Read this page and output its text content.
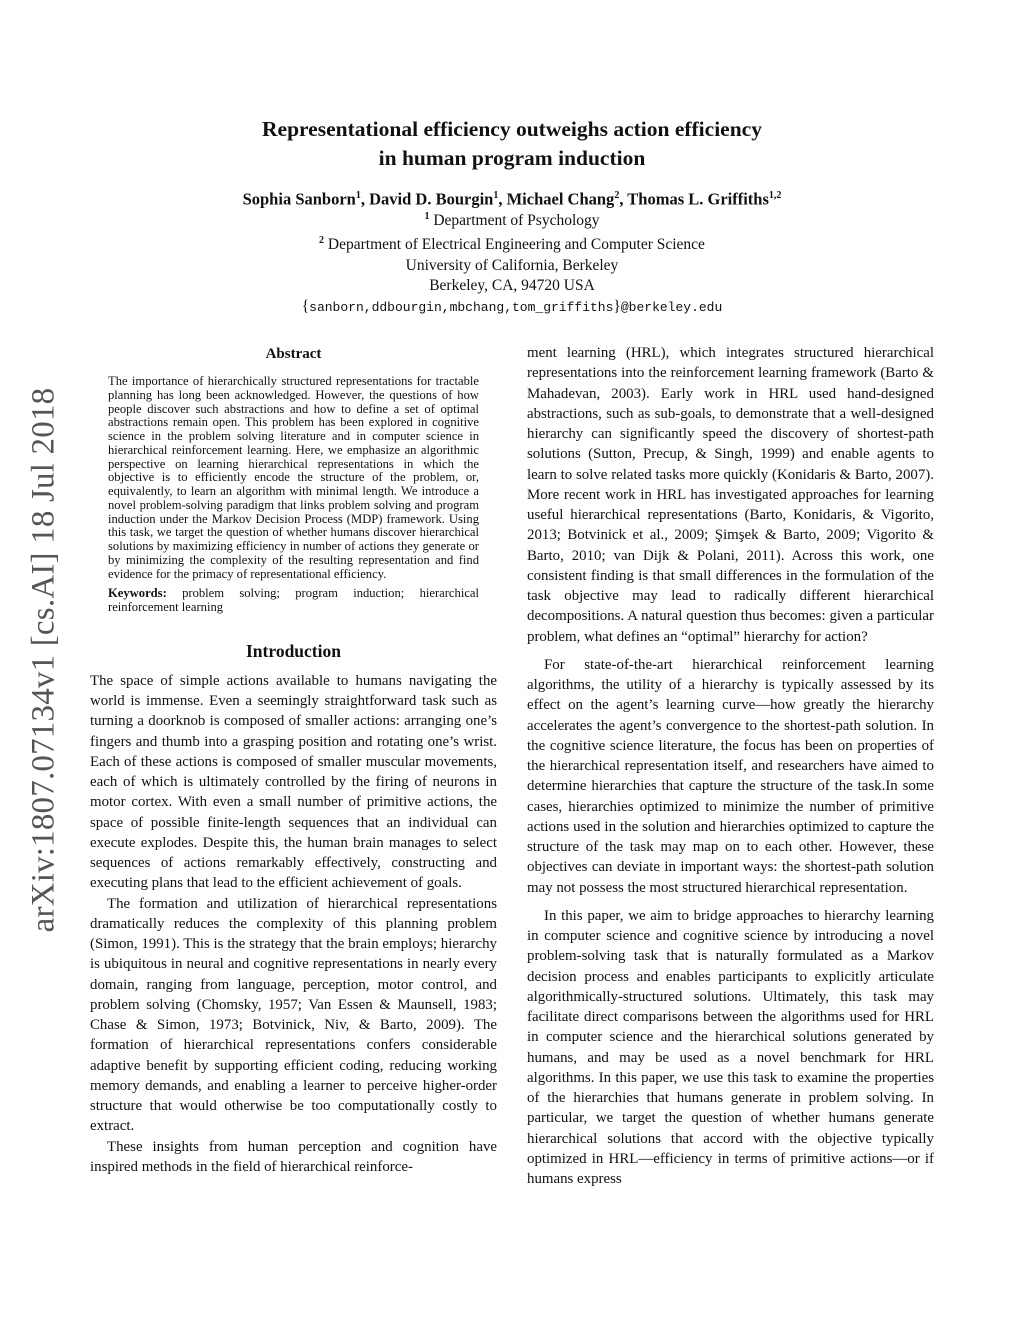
arXiv:1807.07134v1 [cs.AI] 18 Jul 2018
Representational efficiency outweighs action efficiency
in human program induction
Sophia Sanborn$^1$, David D. Bourgin$^1$, Michael Chang$^2$, Thomas L. Griffiths$^{1,2}$
$^1$ Department of Psychology
$^2$ Department of Electrical Engineering and Computer Science
University of California, Berkeley
Berkeley, CA, 94720 USA
{sanborn,ddbourgin,mbchang,tom_griffiths}@berkeley.edu
Abstract

The importance of hierarchically structured representations for tractable planning has long been acknowledged. However, the questions of how people discover such abstractions and how to define a set of optimal abstractions remain open. This problem has been explored in cognitive science in the problem solving literature and in computer science in hierarchical reinforcement learning. Here, we emphasize an algorithmic perspective on learning hierarchical representations in which the objective is to efficiently encode the structure of the problem, or, equivalently, to learn an algorithm with minimal length. We introduce a novel problem-solving paradigm that links problem solving and program induction under the Markov Decision Process (MDP) framework. Using this task, we target the question of whether humans discover hierarchical solutions by maximizing efficiency in number of actions they generate or by minimizing the complexity of the resulting representation and find evidence for the primacy of representational efficiency.

Keywords: problem solving; program induction; hierarchical reinforcement learning

Introduction

The space of simple actions available to humans navigating the world is immense. Even a seemingly straightforward task such as turning a doorknob is composed of smaller actions: arranging one’s fingers and thumb into a grasping position and rotating one’s wrist. Each of these actions is composed of smaller muscular movements, each of which is ultimately controlled by the firing of neurons in motor cortex. With even a small number of primitive actions, the space of possible finite-length sequences that an individual can execute explodes. Despite this, the human brain manages to select sequences of actions remarkably effectively, constructing and executing plans that lead to the efficient achievement of goals.

The formation and utilization of hierarchical representations dramatically reduces the complexity of this planning problem (Simon, 1991). This is the strategy that the brain employs; hierarchy is ubiquitous in neural and cognitive representations in nearly every domain, ranging from language, perception, motor control, and problem solving (Chomsky, 1957; Van Essen & Maunsell, 1983; Chase & Simon, 1973; Botvinick, Niv, & Barto, 2009). The formation of hierarchical representations confers considerable adaptive benefit by supporting efficient coding, reducing working memory demands, and enabling a learner to perceive higher-order structure that would otherwise be too computationally costly to extract.

These insights from human perception and cognition have inspired methods in the field of hierarchical reinforce-

ment learning (HRL), which integrates structured hierarchical representations into the reinforcement learning framework (Barto & Mahadevan, 2003). Early work in HRL used hand-designed abstractions, such as sub-goals, to demonstrate that a well-designed hierarchy can significantly speed the discovery of shortest-path solutions (Sutton, Precup, & Singh, 1999) and enable agents to learn to solve related tasks more quickly (Konidaris & Barto, 2007). More recent work in HRL has investigated approaches for learning useful hierarchical representations (Barto, Konidaris, & Vigorito, 2013; Botvinick et al., 2009; Şimşek & Barto, 2009; Vigorito & Barto, 2010; van Dijk & Polani, 2011). Across this work, one consistent finding is that small differences in the formulation of the task objective may lead to radically different hierarchical decompositions. A natural question thus becomes: given a particular problem, what defines an “optimal” hierarchy for action?

For state-of-the-art hierarchical reinforcement learning algorithms, the utility of a hierarchy is typically assessed by its effect on the agent’s learning curve—how greatly the hierarchy accelerates the agent’s convergence to the shortest-path solution. In the cognitive science literature, the focus has been on properties of the hierarchical representation itself, and researchers have aimed to determine hierarchies that capture the structure of the task.In some cases, hierarchies optimized to minimize the number of primitive actions used in the solution and hierarchies optimized to capture the structure of the task may map on to each other. However, these objectives can deviate in important ways: the shortest-path solution may not possess the most structured hierarchical representation.

In this paper, we aim to bridge approaches to hierarchy learning in computer science and cognitive science by introducing a novel problem-solving task that is naturally formulated as a Markov decision process and enables participants to explicitly articulate algorithmically-structured solutions. Ultimately, this task may facilitate direct comparisons between the algorithms used for HRL in computer science and the hierarchical solutions generated by humans, and may be used as a novel benchmark for HRL algorithms. In this paper, we use this task to examine the properties of the hierarchies that humans generate in problem solving. In particular, we target the question of whether humans generate hierarchical solutions that accord with the objective typically optimized in HRL—efficiency in terms of primitive actions—or if humans express
